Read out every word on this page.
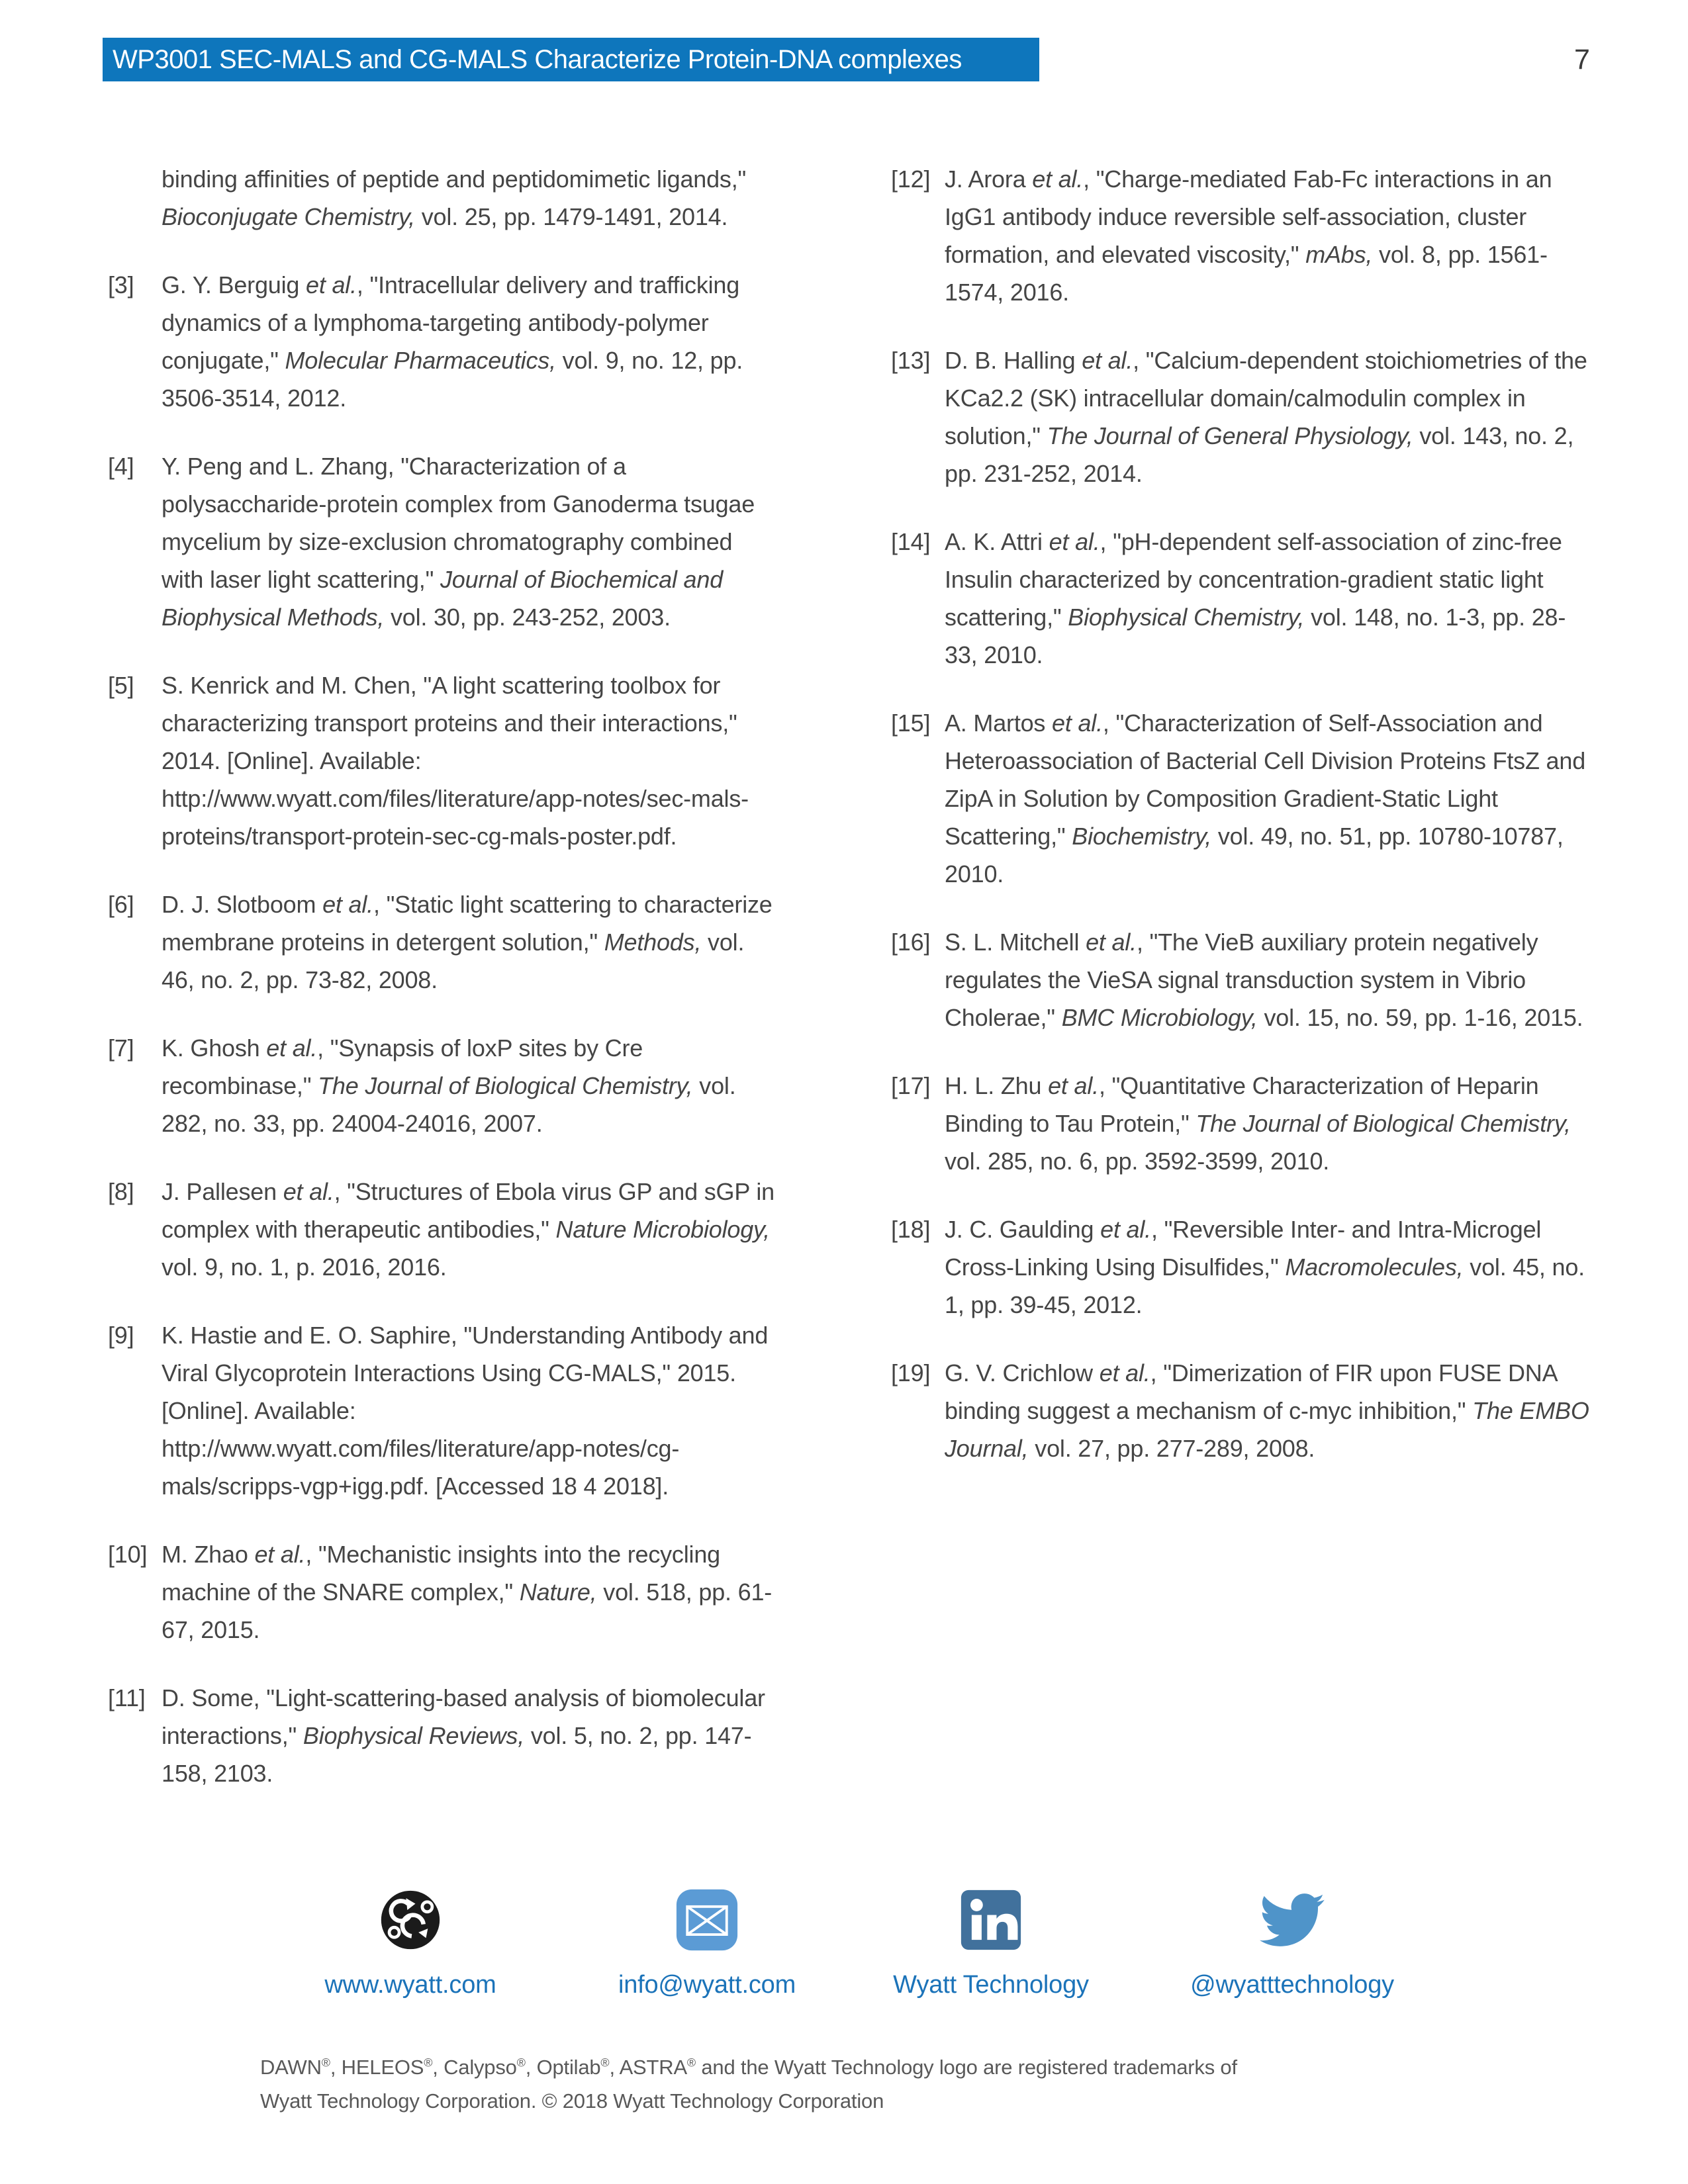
WP3001 SEC-MALS and CG-MALS Characterize Protein-DNA complexes	7
binding affinities of peptide and peptidomimetic ligands," Bioconjugate Chemistry, vol. 25, pp. 1479-1491, 2014.
[3]	G. Y. Berguig et al., "Intracellular delivery and trafficking dynamics of a lymphoma-targeting antibody-polymer conjugate," Molecular Pharmaceutics, vol. 9, no. 12, pp. 3506-3514, 2012.
[4]	Y. Peng and L. Zhang, "Characterization of a polysaccharide-protein complex from Ganoderma tsugae mycelium by size-exclusion chromatography combined with laser light scattering," Journal of Biochemical and Biophysical Methods, vol. 30, pp. 243-252, 2003.
[5]	S. Kenrick and M. Chen, "A light scattering toolbox for characterizing transport proteins and their interactions," 2014. [Online]. Available: http://www.wyatt.com/files/literature/app-notes/sec-mals-proteins/transport-protein-sec-cg-mals-poster.pdf.
[6]	D. J. Slotboom et al., "Static light scattering to characterize membrane proteins in detergent solution," Methods, vol. 46, no. 2, pp. 73-82, 2008.
[7]	K. Ghosh et al., "Synapsis of loxP sites by Cre recombinase," The Journal of Biological Chemistry, vol. 282, no. 33, pp. 24004-24016, 2007.
[8]	J. Pallesen et al., "Structures of Ebola virus GP and sGP in complex with therapeutic antibodies," Nature Microbiology, vol. 9, no. 1, p. 2016, 2016.
[9]	K. Hastie and E. O. Saphire, "Understanding Antibody and Viral Glycoprotein Interactions Using CG-MALS," 2015. [Online]. Available: http://www.wyatt.com/files/literature/app-notes/cg-mals/scripps-vgp+igg.pdf. [Accessed 18 4 2018].
[10] M. Zhao et al., "Mechanistic insights into the recycling machine of the SNARE complex," Nature, vol. 518, pp. 61-67, 2015.
[11] D. Some, "Light-scattering-based analysis of biomolecular interactions," Biophysical Reviews, vol. 5, no. 2, pp. 147-158, 2103.
[12] J. Arora et al., "Charge-mediated Fab-Fc interactions in an IgG1 antibody induce reversible self-association, cluster formation, and elevated viscosity," mAbs, vol. 8, pp. 1561-1574, 2016.
[13] D. B. Halling et al., "Calcium-dependent stoichiometries of the KCa2.2 (SK) intracellular domain/calmodulin complex in solution," The Journal of General Physiology, vol. 143, no. 2, pp. 231-252, 2014.
[14] A. K. Attri et al., "pH-dependent self-association of zinc-free Insulin characterized by concentration-gradient static light scattering," Biophysical Chemistry, vol. 148, no. 1-3, pp. 28-33, 2010.
[15] A. Martos et al., "Characterization of Self-Association and Heteroassociation of Bacterial Cell Division Proteins FtsZ and ZipA in Solution by Composition Gradient-Static Light Scattering," Biochemistry, vol. 49, no. 51, pp. 10780-10787, 2010.
[16] S. L. Mitchell et al., "The VieB auxiliary protein negatively regulates the VieSA signal transduction system in Vibrio Cholerae," BMC Microbiology, vol. 15, no. 59, pp. 1-16, 2015.
[17] H. L. Zhu et al., "Quantitative Characterization of Heparin Binding to Tau Protein," The Journal of Biological Chemistry, vol. 285, no. 6, pp. 3592-3599, 2010.
[18] J. C. Gaulding et al., "Reversible Inter- and Intra-Microgel Cross-Linking Using Disulfides," Macromolecules, vol. 45, no. 1, pp. 39-45, 2012.
[19] G. V. Crichlow et al., "Dimerization of FIR upon FUSE DNA binding suggest a mechanism of c-myc inhibition," The EMBO Journal, vol. 27, pp. 277-289, 2008.
www.wyatt.com	info@wyatt.com	Wyatt Technology	@wyatttechnology
DAWN®, HELEOS®, Calypso®, Optilab®, ASTRA® and the Wyatt Technology logo are registered trademarks of
Wyatt Technology Corporation. © 2018 Wyatt Technology Corporation
